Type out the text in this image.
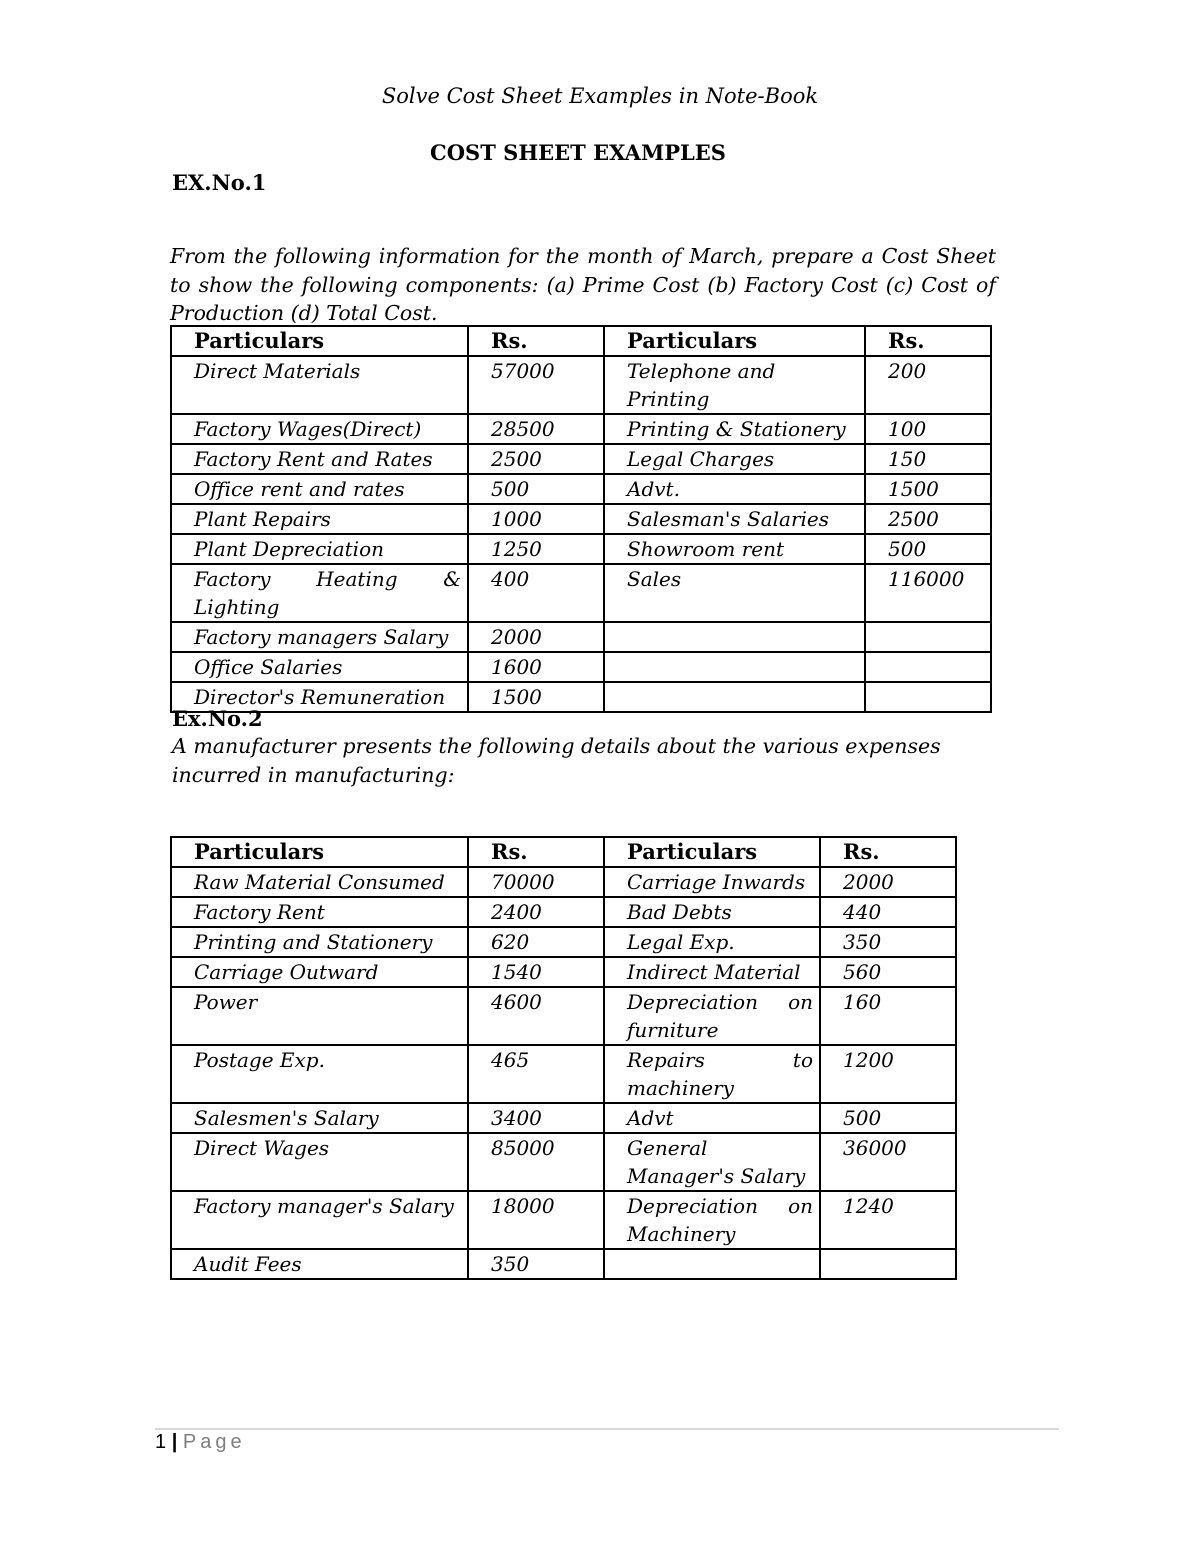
Solve Cost Sheet Examples in Note-Book
COST SHEET EXAMPLES
EX.No.1
From the following information for the month of March, prepare a Cost Sheet to show the following components: (a) Prime Cost (b) Factory Cost (c) Cost of Production (d) Total Cost.
Particulars	Rs.	Particulars	Rs.
Direct Materials	57000	Telephone and Printing	200
Factory Wages(Direct)	28500	Printing & Stationery	100
Factory Rent and Rates	2500	Legal Charges	150
Office rent and rates	500	Advt.	1500
Plant Repairs	1000	Salesman's Salaries	2500
Plant Depreciation	1250	Showroom rent	500
Factory Heating & Lighting	400	Sales	116000
Factory managers Salary	2000		
Office Salaries	1600		
Director's Remuneration	1500		
Ex.No.2
A manufacturer presents the following details about the various expenses incurred in manufacturing:
Particulars	Rs.	Particulars	Rs.
Raw Material Consumed	70000	Carriage Inwards	2000
Factory Rent	2400	Bad Debts	440
Printing and Stationery	620	Legal Exp.	350
Carriage Outward	1540	Indirect Material	560
Power	4600	Depreciation on furniture	160
Postage Exp.	465	Repairs to machinery	1200
Salesmen's Salary	3400	Advt	500
Direct Wages	85000	General Manager's Salary	36000
Factory manager's Salary	18000	Depreciation on Machinery	1240
Audit Fees	350		
1 | Page
